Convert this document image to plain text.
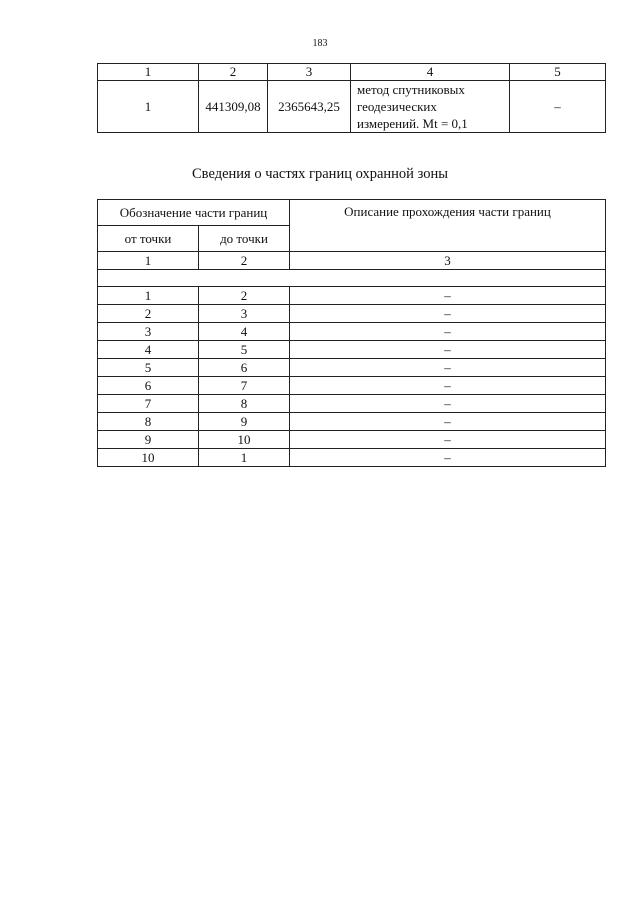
183
1	2	3	4	5
1	441309,08	2365643,25	метод спутниковых
геодезических
измерений. Mt = 0,1	–
Сведения о частях границ охранной зоны
Обозначение части границ		Описание прохождения части границ
от точки	до точки	
1	2	3

1	2	–
2	3	–
3	4	–
4	5	–
5	6	–
6	7	–
7	8	–
8	9	–
9	10	–
10	1	–
